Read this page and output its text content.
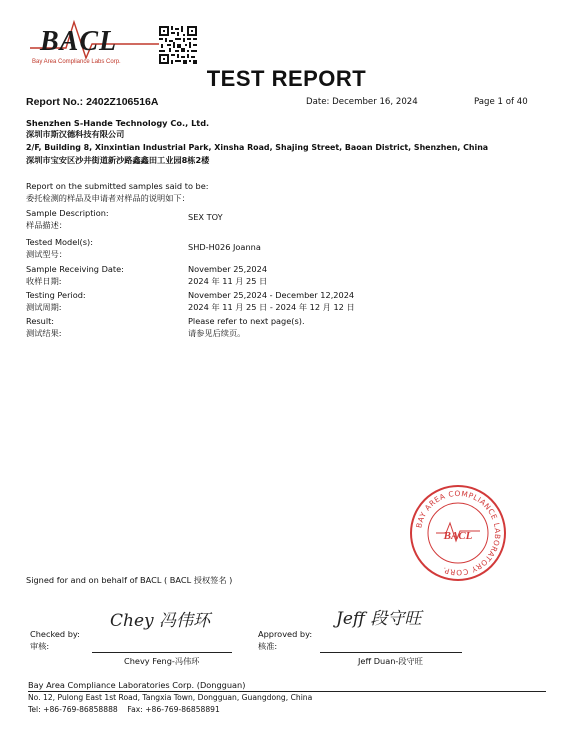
BACL
Bay Area Compliance Labs Corp.
TEST REPORT
Report No.: 2402Z106516A	Date: December 16, 2024	Page 1 of 40
Shenzhen S-Hande Technology Co., Ltd.
深圳市斯汉德科技有限公司
2/F, Building 8, Xinxintian Industrial Park, Xinsha Road, Shajing Street, Baoan District, Shenzhen, China
深圳市宝安区沙井街道新沙路鑫鑫田工业园8栋2楼
Report on the submitted samples said to be:
委托检测的样品及申请者对样品的说明如下：
Sample Description:
样品描述：
SEX TOY
Tested Model(s):
测试型号：
SHD-H026 Joanna
Sample Receiving Date:
收样日期:
November 25,2024
2024 年 11 月 25 日
Testing Period:
测试周期:
November 25,2024 - December 12,2024
2024 年 11 月 25 日 - 2024 年 12 月 12 日
Result:
测试结果:
Please refer to next page(s).
请参见后续页。
BAY AREA COMPLIANCE LABORATORY CORP.
BACL
Signed for and on behalf of BACL ( BACL 授权签名 )
Checked by:
审核:
Chey 冯伟环
Chevy Feng-冯伟环
Approved by:
核准:
Jeff 段守旺
Jeff Duan-段守旺
Bay Area Compliance Laboratories Corp. (Dongguan)
No. 12, Pulong East 1st Road, Tangxia Town, Dongguan, Guangdong, China
Tel: +86-769-86858888    Fax: +86-769-86858891
